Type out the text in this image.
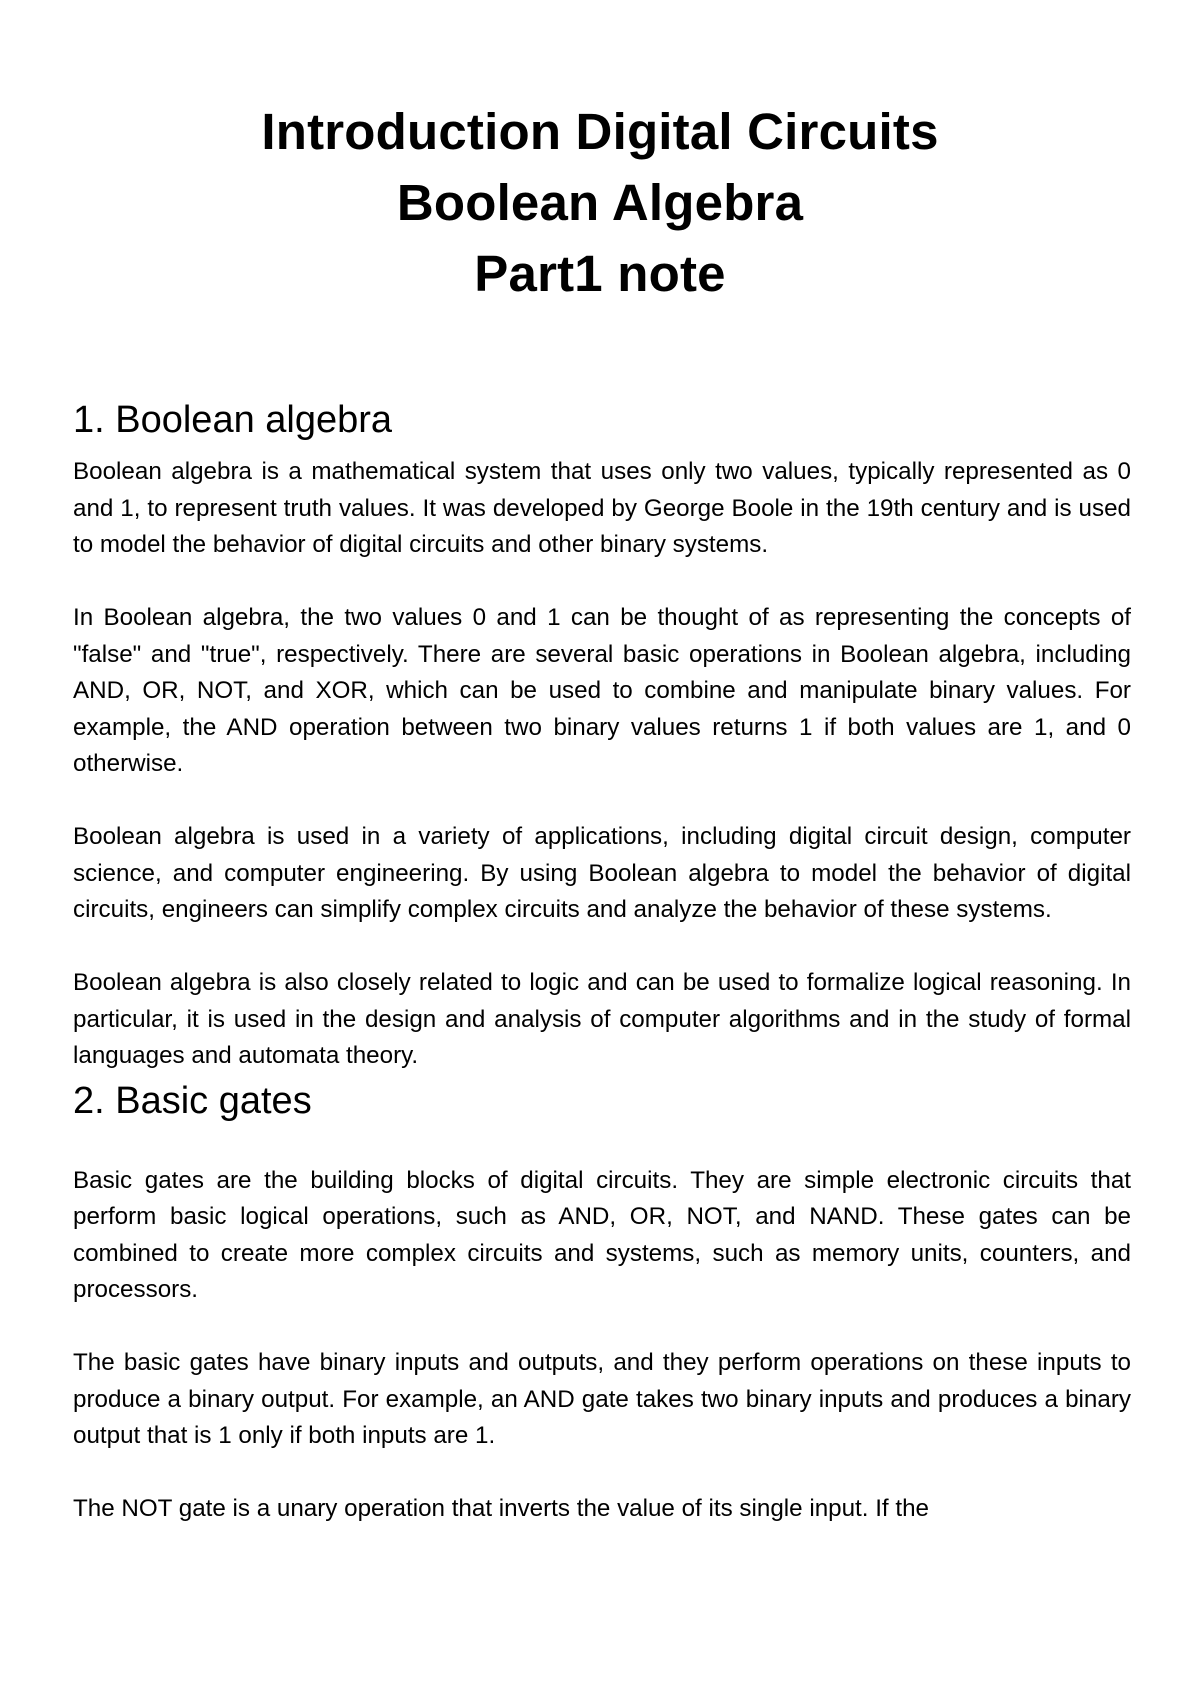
Introduction Digital Circuits

Boolean Algebra

Part1 note

1. Boolean algebra

Boolean algebra is a mathematical system that uses only two values, typically represented as 0 and 1, to represent truth values. It was developed by George Boole in the 19th century and is used to model the behavior of digital circuits and other binary systems.

In Boolean algebra, the two values 0 and 1 can be thought of as representing the concepts of "false" and "true", respectively. There are several basic operations in Boolean algebra, including AND, OR, NOT, and XOR, which can be used to combine and manipulate binary values. For example, the AND operation between two binary values returns 1 if both values are 1, and 0 otherwise.

Boolean algebra is used in a variety of applications, including digital circuit design, computer science, and computer engineering. By using Boolean algebra to model the behavior of digital circuits, engineers can simplify complex circuits and analyze the behavior of these systems.

Boolean algebra is also closely related to logic and can be used to formalize logical reasoning. In particular, it is used in the design and analysis of computer algorithms and in the study of formal languages and automata theory.

2. Basic gates

Basic gates are the building blocks of digital circuits. They are simple electronic circuits that perform basic logical operations, such as AND, OR, NOT, and NAND. These gates can be combined to create more complex circuits and systems, such as memory units, counters, and processors.

The basic gates have binary inputs and outputs, and they perform operations on these inputs to produce a binary output. For example, an AND gate takes two binary inputs and produces a binary output that is 1 only if both inputs are 1.

The NOT gate is a unary operation that inverts the value of its single input. If the
